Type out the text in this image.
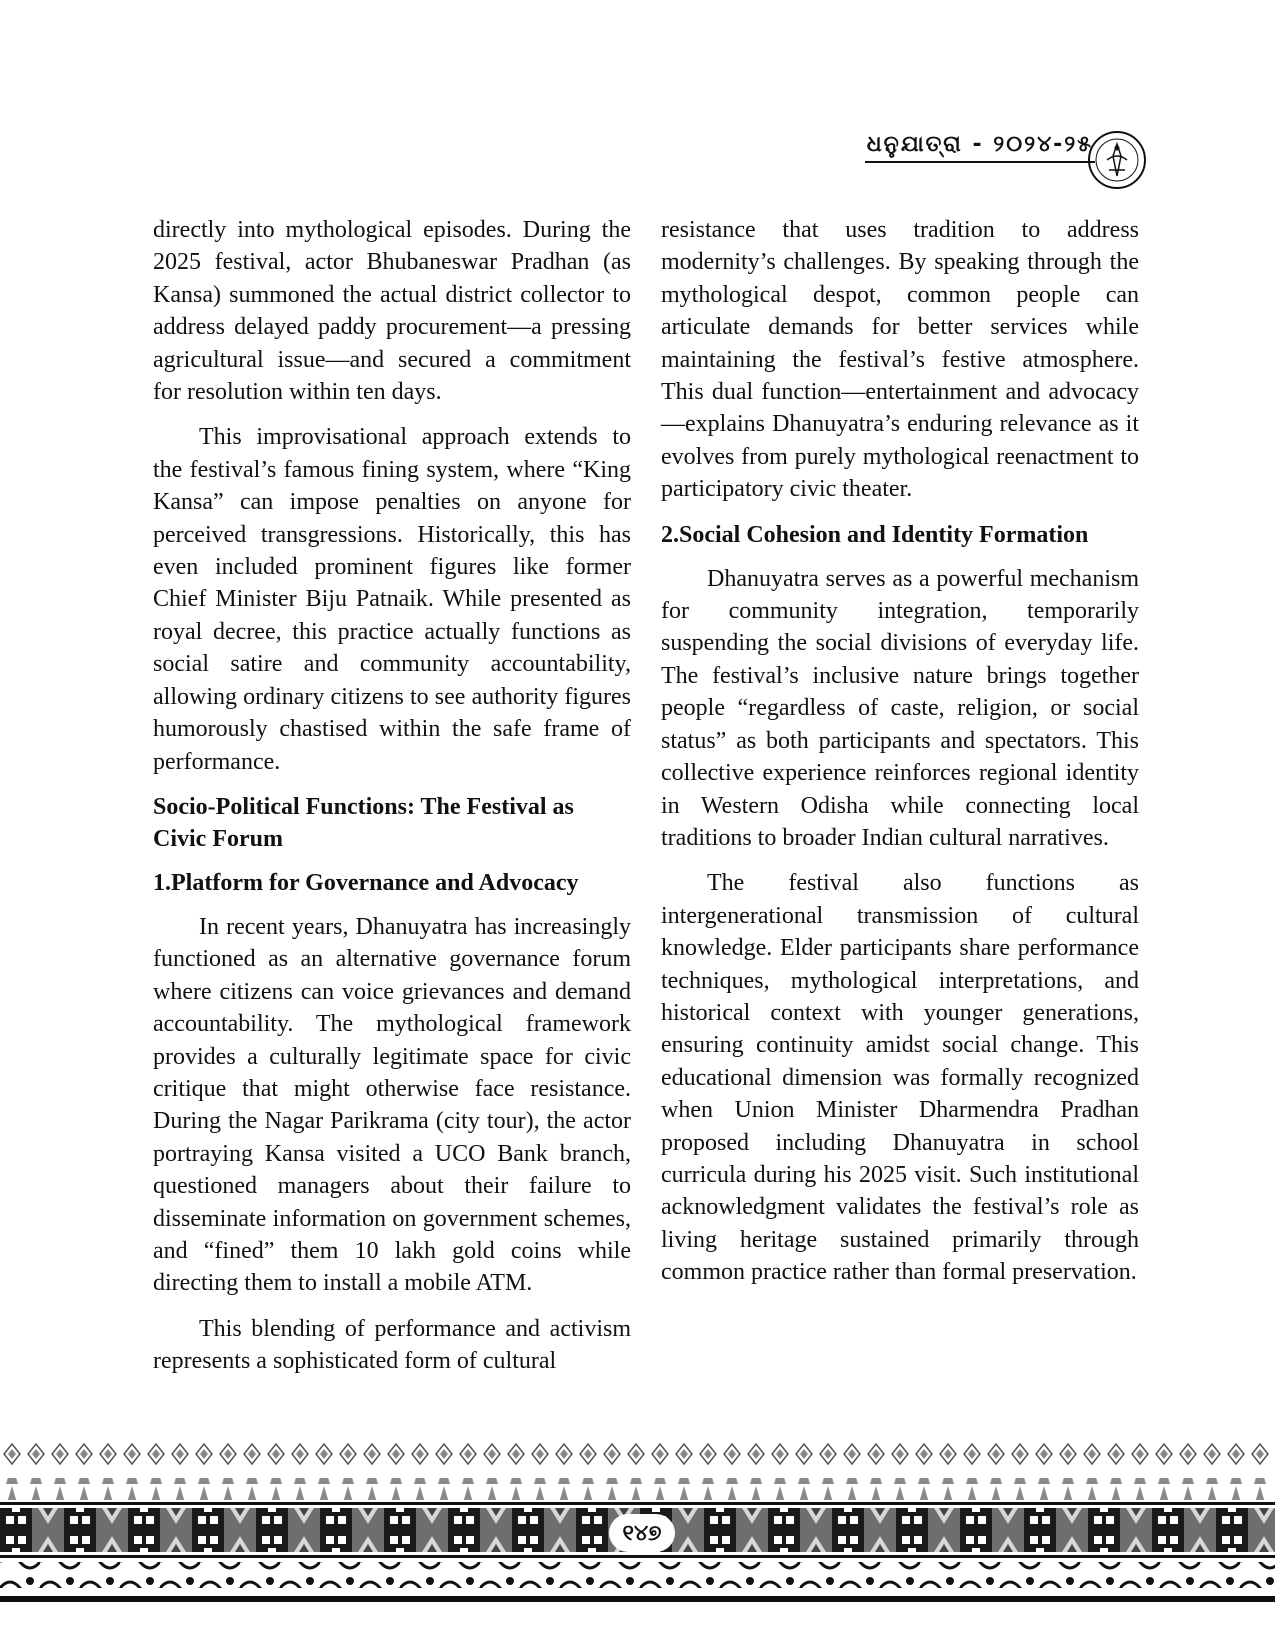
ଧନୁଯାତ୍ରା - ୨୦୨୪-୨୫

directly into mythological episodes. During the 2025 festival, actor Bhubaneswar Pradhan (as Kansa) summoned the actual district collector to address delayed paddy procurement—a pressing agricultural issue—and secured a commitment for resolution within ten days.

This improvisational approach extends to the festival’s famous fining system, where “King Kansa” can impose penalties on anyone for perceived transgressions. Historically, this has even included prominent figures like former Chief Minister Biju Patnaik. While presented as royal decree, this practice actually functions as social satire and community accountability, allowing ordinary citizens to see authority figures humorously chastised within the safe frame of performance.

Socio-Political Functions: The Festival as Civic Forum
1.Platform for Governance and Advocacy

In recent years, Dhanuyatra has increasingly functioned as an alternative governance forum where citizens can voice grievances and demand accountability. The mythological framework provides a culturally legitimate space for civic critique that might otherwise face resistance. During the Nagar Parikrama (city tour), the actor portraying Kansa visited a UCO Bank branch, questioned managers about their failure to disseminate information on government schemes, and “fined” them 10 lakh gold coins while directing them to install a mobile ATM.

This blending of performance and activism represents a sophisticated form of cultural

resistance that uses tradition to address modernity’s challenges. By speaking through the mythological despot, common people can articulate demands for better services while maintaining the festival’s festive atmosphere. This dual function—entertainment and advocacy—explains Dhanuyatra’s enduring relevance as it evolves from purely mythological reenactment to participatory civic theater.

2.Social Cohesion and Identity Formation

Dhanuyatra serves as a powerful mechanism for community integration, temporarily suspending the social divisions of everyday life. The festival’s inclusive nature brings together people “regardless of caste, religion, or social status” as both participants and spectators. This collective experience reinforces regional identity in Western Odisha while connecting local traditions to broader Indian cultural narratives.

The festival also functions as intergenerational transmission of cultural knowledge. Elder participants share performance techniques, mythological interpretations, and historical context with younger generations, ensuring continuity amidst social change. This educational dimension was formally recognized when Union Minister Dharmendra Pradhan proposed including Dhanuyatra in school curricula during his 2025 visit. Such institutional acknowledgment validates the festival’s role as living heritage sustained primarily through common practice rather than formal preservation.

୧୪୭
